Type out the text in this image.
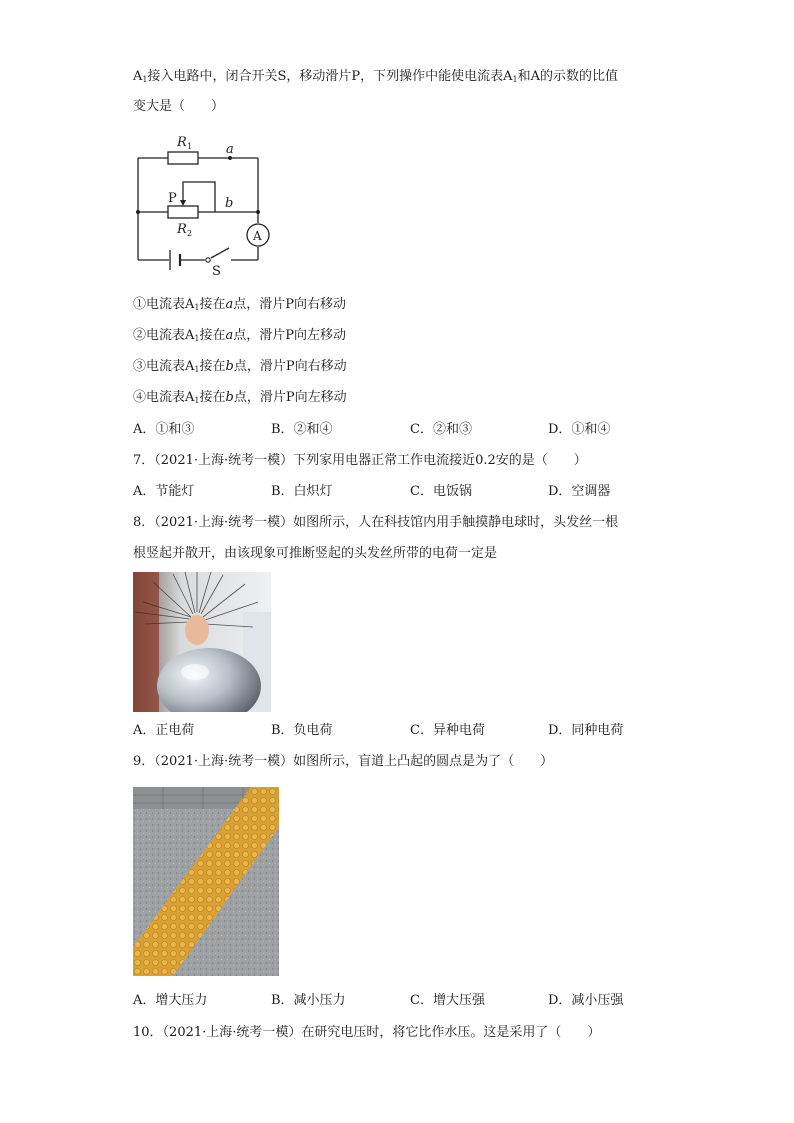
$A_1$接入电路中，闭合开关S，移动滑片P，下列操作中能使电流表$A_1$和A的示数的比值
变大是（　　）
R 1	a
P	b
R 2	A
S
①电流表$A_1$接在a点，滑片P向右移动
②电流表$A_1$接在a点，滑片P向左移动
③电流表$A_1$接在b点，滑片P向右移动
④电流表$A_1$接在b点，滑片P向左移动
A．①和③	B．②和④	C．②和③	D．①和④
7．（2021·上海·统考一模）下列家用电器正常工作电流接近0.2安的是（　　）
A．节能灯	B．白炽灯	C．电饭锅	D．空调器
8．（2021·上海·统考一模）如图所示，人在科技馆内用手触摸静电球时，头发丝一根
根竖起并散开，由该现象可推断竖起的头发丝所带的电荷一定是
A．正电荷	B．负电荷	C．异种电荷	D．同种电荷
9．（2021·上海·统考一模）如图所示，盲道上凸起的圆点是为了（　　）
A．增大压力	B．减小压力	C．增大压强	D．减小压强
10．（2021·上海·统考一模）在研究电压时，将它比作水压。这是采用了（　　）
